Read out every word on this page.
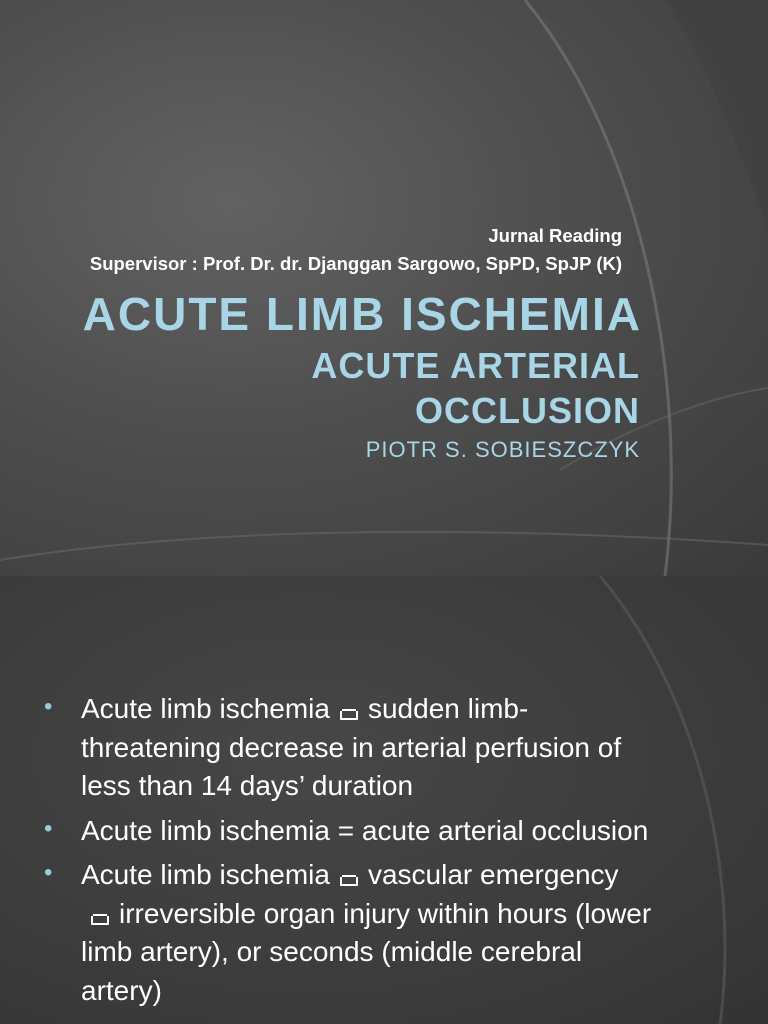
Jurnal Reading
Supervisor : Prof. Dr. dr. Djanggan Sargowo, SpPD, SpJP (K)
ACUTE LIMB ISCHEMIA
ACUTE ARTERIAL
OCCLUSION
PIOTR S. SOBIESZCZYK
• Acute limb ischemia sudden limb-threatening decrease in arterial perfusion of less than 14 days’ duration
• Acute limb ischemia = acute arterial occlusion
• Acute limb ischemia vascular emergencyirreversible organ injury within hours (lower limb artery), or seconds (middle cerebral artery)
